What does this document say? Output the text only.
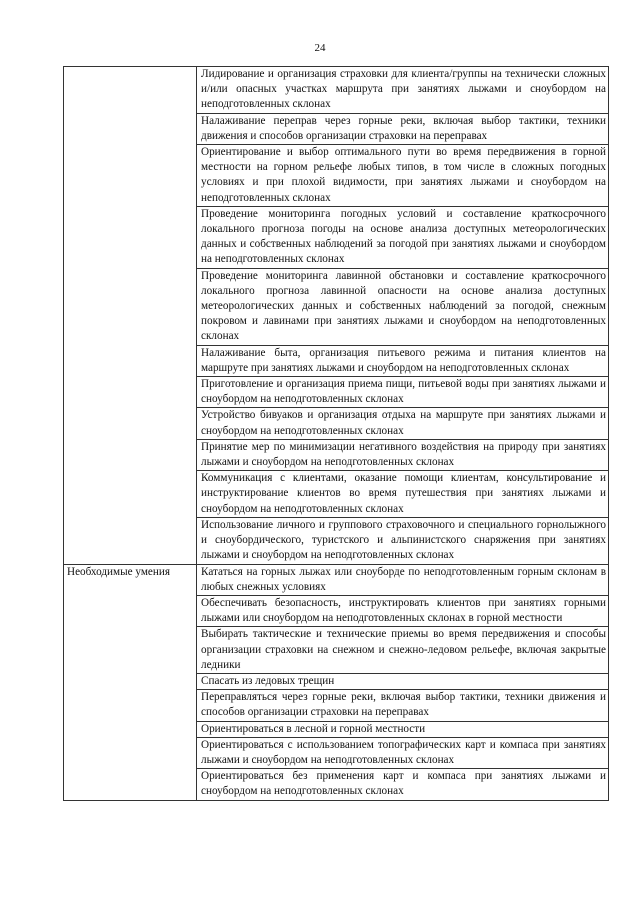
24
	Лидирование и организация страховки для клиента/группы на технически сложных и/или опасных участках маршрута при занятиях лыжами и сноубордом на неподготовленных склонах
	Налаживание переправ через горные реки, включая выбор тактики, техники движения и способов организации страховки на переправах
	Ориентирование и выбор оптимального пути во время передвижения в горной местности на горном рельефе любых типов, в том числе в сложных погодных условиях и при плохой видимости, при занятиях лыжами и сноубордом на неподготовленных склонах
	Проведение мониторинга погодных условий и составление краткосрочного локального прогноза погоды на основе анализа доступных метеорологических данных и собственных наблюдений за погодой при занятиях лыжами и сноубордом на неподготовленных склонах
	Проведение мониторинга лавинной обстановки и составление краткосрочного локального прогноза лавинной опасности на основе анализа доступных метеорологических данных и собственных наблюдений за погодой, снежным покровом и лавинами при занятиях лыжами и сноубордом на неподготовленных склонах
	Налаживание быта, организация питьевого режима и питания клиентов на маршруте при занятиях лыжами и сноубордом на неподготовленных склонах
	Приготовление и организация приема пищи, питьевой воды при занятиях лыжами и сноубордом на неподготовленных склонах
	Устройство бивуаков и организация отдыха на маршруте при занятиях лыжами и сноубордом на неподготовленных склонах
	Принятие мер по минимизации негативного воздействия на природу при занятиях лыжами и сноубордом на неподготовленных склонах
	Коммуникация с клиентами, оказание помощи клиентам, консультирование и инструктирование клиентов во время путешествия при занятиях лыжами и сноубордом на неподготовленных склонах
	Использование личного и группового страховочного и специального горнолыжного и сноубордического, туристского и альпинистского снаряжения при занятиях лыжами и сноубордом на неподготовленных склонах
Необходимые умения	Кататься на горных лыжах или сноуборде по неподготовленным горным склонам в любых снежных условиях
	Обеспечивать безопасность, инструктировать клиентов при занятиях горными лыжами или сноубордом на неподготовленных склонах в горной местности
	Выбирать тактические и технические приемы во время передвижения и способы организации страховки на снежном и снежно-ледовом рельефе, включая закрытые ледники
	Спасать из ледовых трещин
	Переправляться через горные реки, включая выбор тактики, техники движения и способов организации страховки на переправах
	Ориентироваться в лесной и горной местности
	Ориентироваться с использованием топографических карт и компаса при занятиях лыжами и сноубордом на неподготовленных склонах
	Ориентироваться без применения карт и компаса при занятиях лыжами и сноубордом на неподготовленных склонах
